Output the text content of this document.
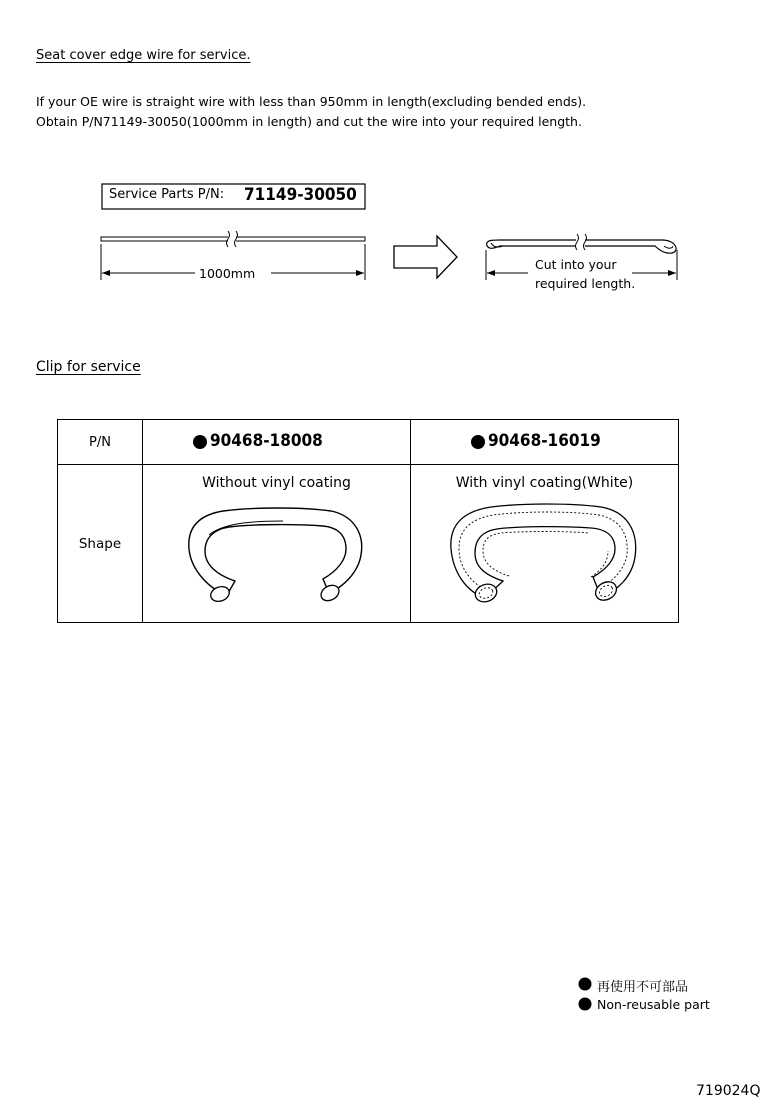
Seat cover edge wire for service.
If your OE wire is straight wire with less than 950mm in length(excluding bended ends).
Obtain P/N71149-30050(1000mm in length) and cut the wire into your required length.
Service Parts P/N: 71149-30050
1000mm
Cut into your
required length.
Clip for service
P/N	90468-18008	90468-16019

Shape	Without vinyl coating	With vinyl coating(White)
再使用不可部品
Non-reusable part
719024Q
